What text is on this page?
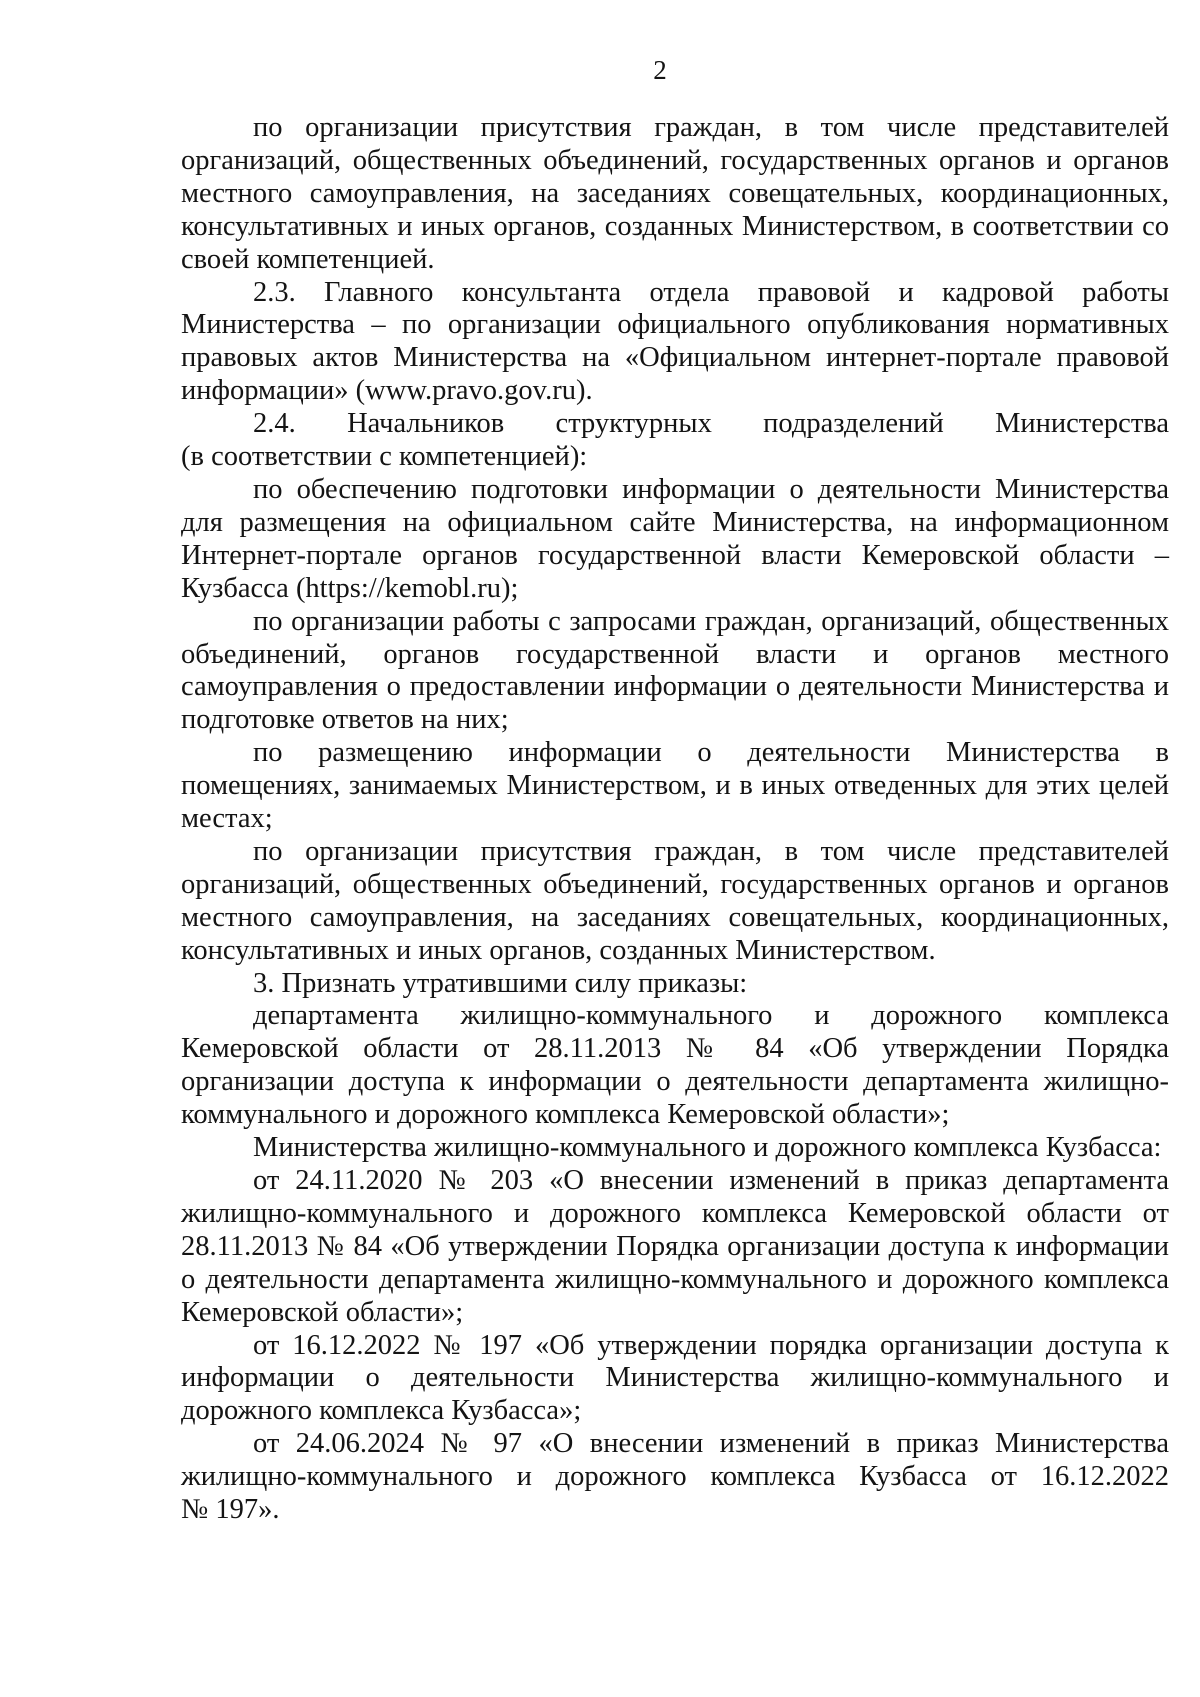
2
по организации присутствия граждан, в том числе представителей
организаций, общественных объединений, государственных органов и органов
местного самоуправления, на заседаниях совещательных, координационных,
консультативных и иных органов, созданных Министерством, в соответствии со
своей компетенцией.
2.3. Главного консультанта отдела правовой и кадровой работы
Министерства – по организации официального опубликования нормативных
правовых актов Министерства на «Официальном интернет-портале правовой
информации» (www.pravo.gov.ru).
2.4. Начальников структурных подразделений Министерства
(в соответствии с компетенцией):
по обеспечению подготовки информации о деятельности Министерства
для размещения на официальном сайте Министерства, на информационном
Интернет-портале органов государственной власти Кемеровской области –
Кузбасса (https://kemobl.ru);
по организации работы с запросами граждан, организаций, общественных
объединений, органов государственной власти и органов местного
самоуправления о предоставлении информации о деятельности Министерства и
подготовке ответов на них;
по размещению информации о деятельности Министерства в
помещениях, занимаемых Министерством, и в иных отведенных для этих целей
местах;
по организации присутствия граждан, в том числе представителей
организаций, общественных объединений, государственных органов и органов
местного самоуправления, на заседаниях совещательных, координационных,
консультативных и иных органов, созданных Министерством.
3. Признать утратившими силу приказы:
департамента жилищно-коммунального и дорожного комплекса
Кемеровской области от 28.11.2013 № 84 «Об утверждении Порядка
организации доступа к информации о деятельности департамента жилищно-
коммунального и дорожного комплекса Кемеровской области»;
Министерства жилищно-коммунального и дорожного комплекса Кузбасса:
от 24.11.2020 № 203 «О внесении изменений в приказ департамента
жилищно-коммунального и дорожного комплекса Кемеровской области от
28.11.2013 № 84 «Об утверждении Порядка организации доступа к информации
о деятельности департамента жилищно-коммунального и дорожного комплекса
Кемеровской области»;
от 16.12.2022 № 197 «Об утверждении порядка организации доступа к
информации о деятельности Министерства жилищно-коммунального и
дорожного комплекса Кузбасса»;
от 24.06.2024 № 97 «О внесении изменений в приказ Министерства
жилищно-коммунального и дорожного комплекса Кузбасса от 16.12.2022
№ 197».
